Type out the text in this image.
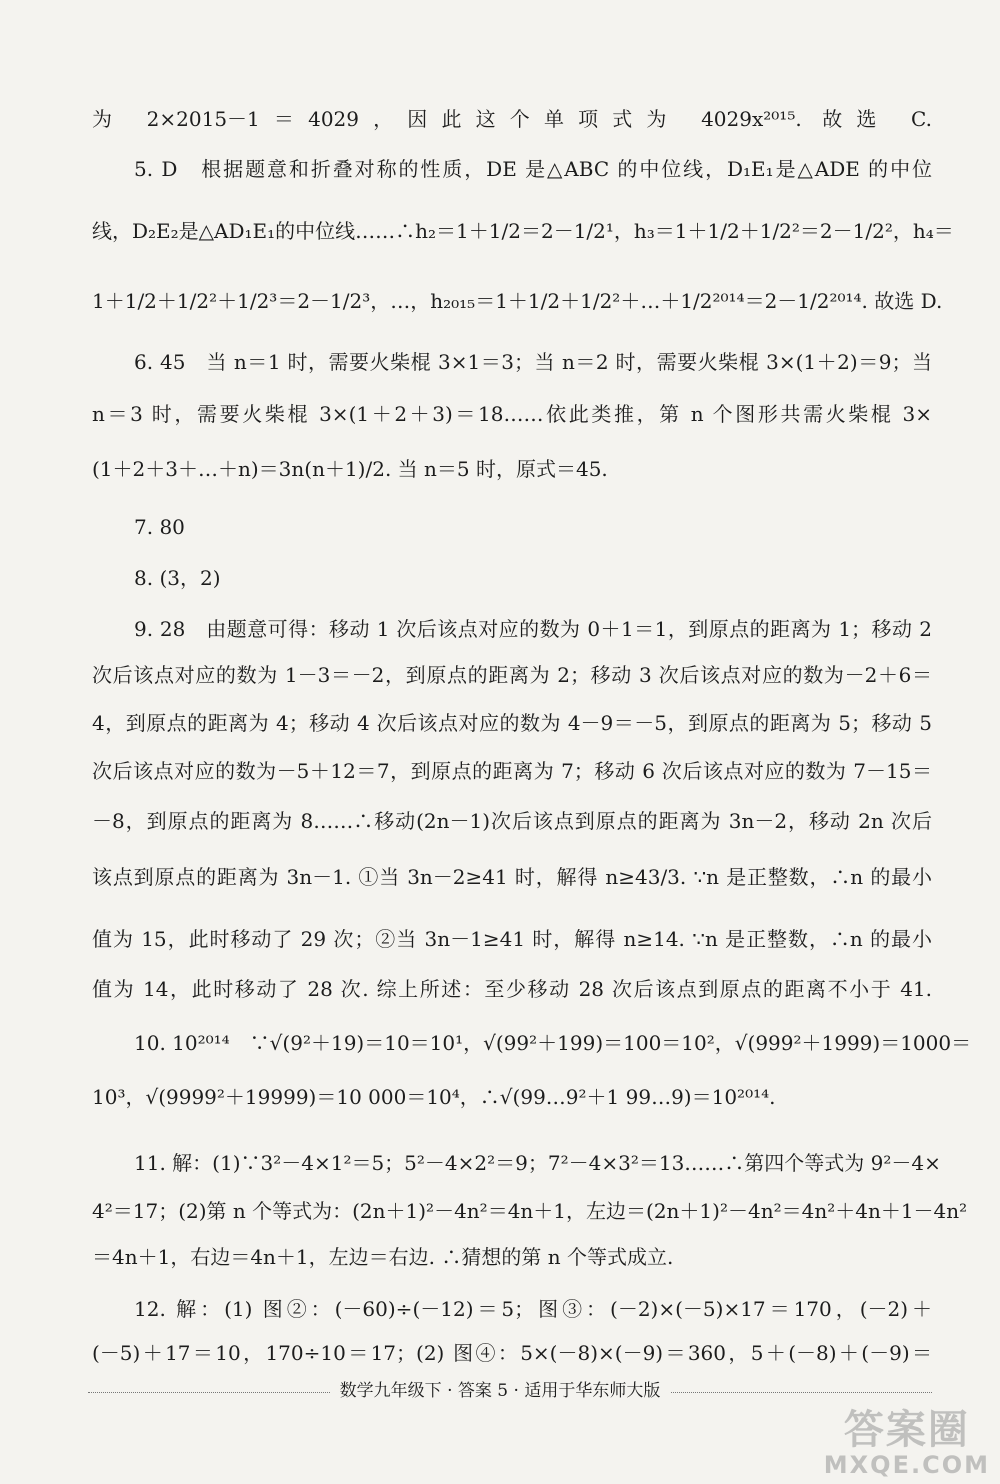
为 2×2015－1＝4029，因此这个单项式为 4029x²⁰¹⁵. 故选 C.
5. D　根据题意和折叠对称的性质，DE 是△ABC 的中位线，D₁E₁是△ADE 的中位
线，D₂E₂是△AD₁E₁的中位线……∴h₂＝1＋1/2＝2－1/2¹，h₃＝1＋1/2＋1/2²＝2－1/2²，h₄＝
1＋1/2＋1/2²＋1/2³＝2－1/2³，…，h₂₀₁₅＝1＋1/2＋1/2²＋…＋1/2²⁰¹⁴＝2－1/2²⁰¹⁴. 故选 D.
6. 45　当 n＝1 时，需要火柴棍 3×1＝3；当 n＝2 时，需要火柴棍 3×(1＋2)＝9；当
n＝3 时，需要火柴棍 3×(1＋2＋3)＝18……依此类推，第 n 个图形共需火柴棍 3×
(1＋2＋3＋…＋n)＝3n(n＋1)/2. 当 n＝5 时，原式＝45.
7. 80
8. (3，2)
9. 28　由题意可得：移动 1 次后该点对应的数为 0＋1＝1，到原点的距离为 1；移动 2
次后该点对应的数为 1－3＝－2，到原点的距离为 2；移动 3 次后该点对应的数为－2＋6＝
4，到原点的距离为 4；移动 4 次后该点对应的数为 4－9＝－5，到原点的距离为 5；移动 5
次后该点对应的数为－5＋12＝7，到原点的距离为 7；移动 6 次后该点对应的数为 7－15＝
－8，到原点的距离为 8……∴移动(2n－1)次后该点到原点的距离为 3n－2，移动 2n 次后
该点到原点的距离为 3n－1. ①当 3n－2≥41 时，解得 n≥43/3. ∵n 是正整数，∴n 的最小
值为 15，此时移动了 29 次；②当 3n－1≥41 时，解得 n≥14. ∵n 是正整数，∴n 的最小
值为 14，此时移动了 28 次. 综上所述：至少移动 28 次后该点到原点的距离不小于 41.
10. 10²⁰¹⁴　∵√(9²＋19)＝10＝10¹，√(99²＋199)＝100＝10²，√(999²＋1999)＝1000＝
10³，√(9999²＋19999)＝10 000＝10⁴，∴√(99…9²＋1 99…9)＝10²⁰¹⁴.
11. 解：(1)∵3²－4×1²＝5；5²－4×2²＝9；7²－4×3²＝13……∴第四个等式为 9²－4×
4²＝17；(2)第 n 个等式为：(2n＋1)²－4n²＝4n＋1，左边＝(2n＋1)²－4n²＝4n²＋4n＋1－4n²
＝4n＋1，右边＝4n＋1，左边＝右边. ∴猜想的第 n 个等式成立.
12. 解：(1) 图②：(－60)÷(－12)＝5；图③：(－2)×(－5)×17＝170，(－2)＋
(－5)＋17＝10，170÷10＝17；(2) 图④：5×(－8)×(－9)＝360，5＋(－8)＋(－9)＝
数学九年级下 · 答案 5 · 适用于华东师大版
答案圈
MXQE.COM
